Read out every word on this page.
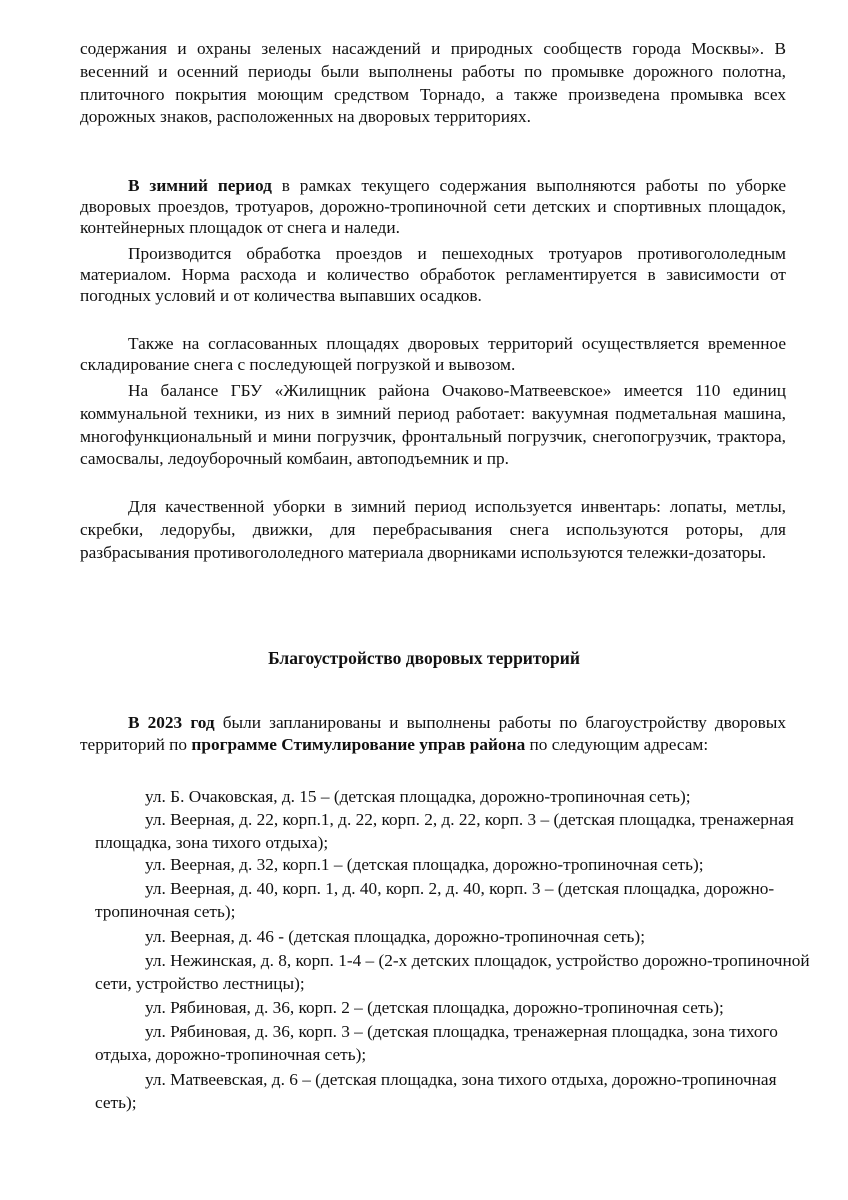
содержания и охраны зеленых насаждений и природных сообществ города Москвы». В весенний и осенний периоды были выполнены работы по промывке дорожного полотна, плиточного покрытия моющим средством Торнадо, а также произведена промывка всех дорожных знаков, расположенных на дворовых территориях.

В зимний период в рамках текущего содержания выполняются работы по уборке дворовых проездов, тротуаров, дорожно-тропиночной сети детских и спортивных площадок, контейнерных площадок от снега и наледи.

Производится обработка проездов и пешеходных тротуаров противогололедным материалом. Норма расхода и количество обработок регламентируется в зависимости от погодных условий и от количества выпавших осадков.

Также на согласованных площадях дворовых территорий осуществляется временное складирование снега с последующей погрузкой и вывозом.

На балансе ГБУ «Жилищник района Очаково-Матвеевское» имеется 110 единиц коммунальной техники, из них в зимний период работает: вакуумная подметальная машина, многофункциональный и мини погрузчик, фронтальный погрузчик, снегопогрузчик, трактора, самосвалы, ледоуборочный комбаин, автоподъемник и пр.

Для качественной уборки в зимний период используется инвентарь: лопаты, метлы, скребки, ледорубы, движки, для перебрасывания снега используются роторы, для разбрасывания противогололедного материала дворниками используются тележки-дозаторы.

Благоустройство дворовых территорий

В 2023 год были запланированы и выполнены работы по благоустройству дворовых территорий по программе Стимулирование управ района по следующим адресам:

ул. Б. Очаковская, д. 15 – (детская площадка, дорожно-тропиночная сеть);

ул. Веерная, д. 22, корп.1, д. 22, корп. 2, д. 22, корп. 3 – (детская площадка, тренажерная площадка, зона тихого отдыха);

ул. Веерная, д. 32, корп.1 – (детская площадка, дорожно-тропиночная сеть);

ул. Веерная, д. 40, корп. 1, д. 40, корп. 2, д. 40, корп. 3 – (детская площадка, дорожно-тропиночная сеть);

ул. Веерная, д. 46 - (детская площадка, дорожно-тропиночная сеть);

ул. Нежинская, д. 8, корп. 1-4 – (2-х детских площадок, устройство дорожно-тропиночной сети, устройство лестницы);

ул. Рябиновая, д. 36, корп. 2 – (детская площадка, дорожно-тропиночная сеть);

ул. Рябиновая, д. 36, корп. 3 – (детская площадка, тренажерная площадка, зона тихого отдыха, дорожно-тропиночная сеть);

ул. Матвеевская, д. 6 – (детская площадка, зона тихого отдыха, дорожно-тропиночная сеть);
